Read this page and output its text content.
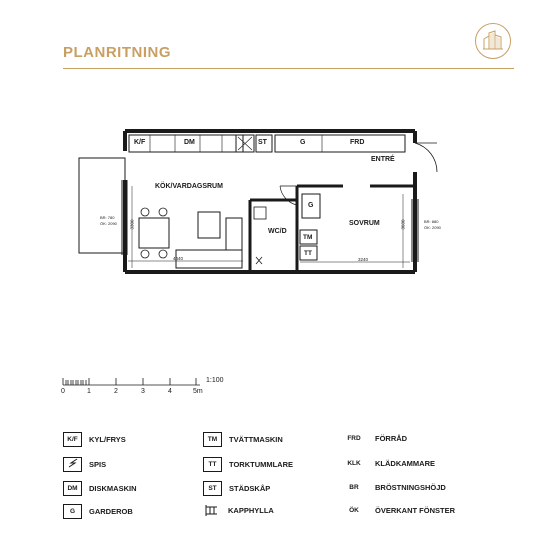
PLANRITNING
K/F	DM	ST	G	FRD
ENTRÉ
KÖK/VARDAGSRUM
G
SOVRUM
WC/D
TM
TT
4440	3240
3300	3030
BR: 780
ÖK: 2090	BR: 880
ÖK: 2090
1:100
0	1	2	3	4	5m
K/F	KYL/FRYS
SPIS
DM	DISKMASKIN
G	GARDEROB
TM	TVÄTTMASKIN
TT	TORKTUMMLARE
ST	STÄDSKÅP
KAPPHYLLA
FRD	FÖRRÅD
KLK	KLÄDKAMMARE
BR	BRÖSTNINGSHÖJD
ÖK	ÖVERKANT FÖNSTER
